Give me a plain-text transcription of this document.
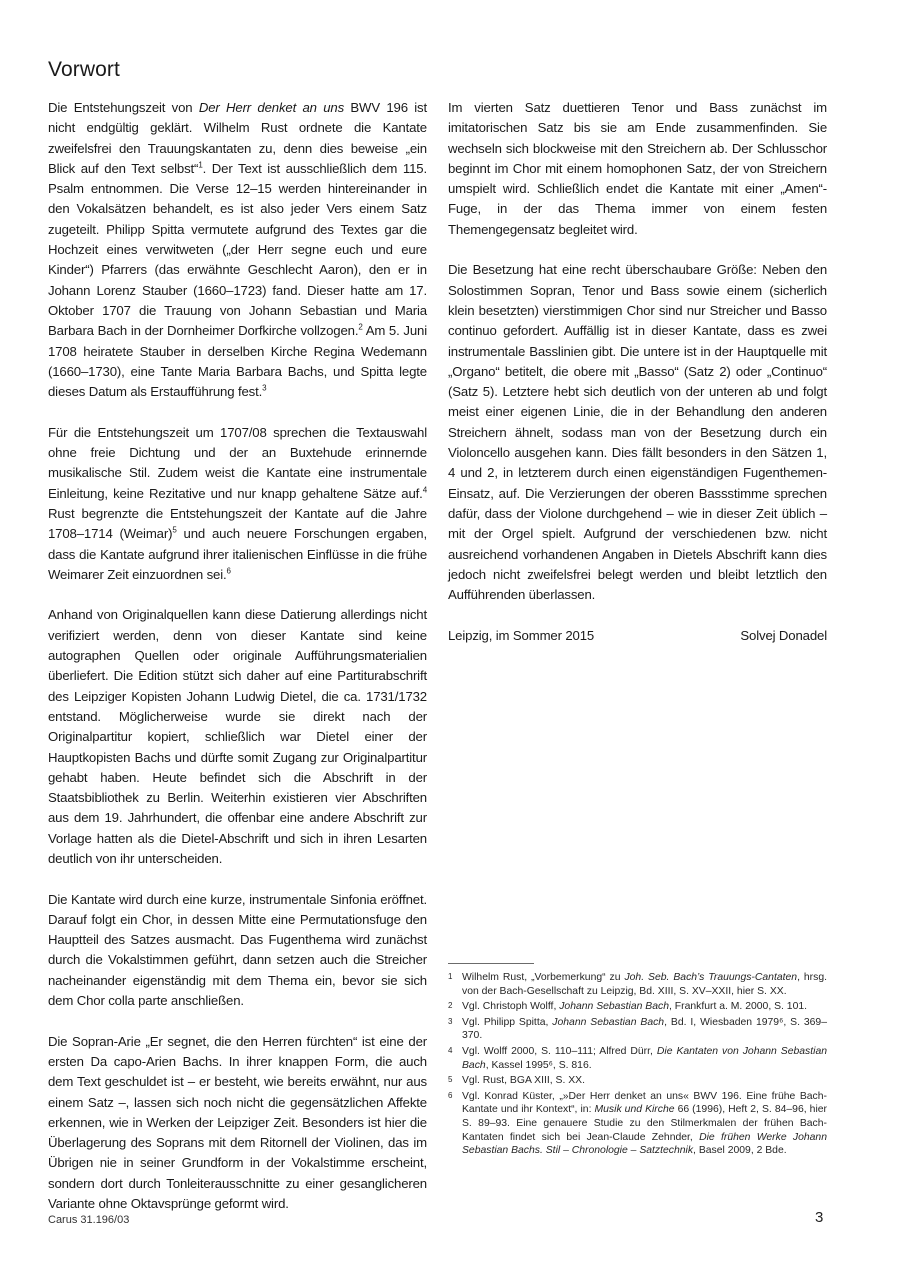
Vorwort

Die Entstehungszeit von Der Herr denket an uns BWV 196 ist nicht endgültig geklärt. Wilhelm Rust ordnete die Kantate zweifelsfrei den Trauungskantaten zu, denn dies beweise „ein Blick auf den Text selbst“$^1$. Der Text ist ausschließlich dem 115. Psalm entnommen. Die Verse 12–15 werden hintereinander in den Vokalsätzen behandelt, es ist also jeder Vers einem Satz zugeteilt. Philipp Spitta vermutete aufgrund des Textes gar die Hochzeit eines verwitweten („der Herr segne euch und eure Kinder“) Pfarrers (das erwähnte Geschlecht Aaron), den er in Johann Lorenz Stauber (1660–1723) fand. Dieser hatte am 17. Oktober 1707 die Trauung von Johann Sebastian und Maria Barbara Bach in der Dornheimer Dorfkirche vollzogen.$^2$ Am 5. Juni 1708 heiratete Stauber in derselben Kirche Regina Wedemann (1660–1730), eine Tante Maria Barbara Bachs, und Spitta legte dieses Datum als Erstaufführung fest.$^3$

Für die Entstehungszeit um 1707/08 sprechen die Textauswahl ohne freie Dichtung und der an Buxtehude erinnernde musikalische Stil. Zudem weist die Kantate eine instrumentale Einleitung, keine Rezitative und nur knapp gehaltene Sätze auf.$^4$ Rust begrenzte die Entstehungszeit der Kantate auf die Jahre 1708–1714 (Weimar)$^5$ und auch neuere Forschungen ergaben, dass die Kantate aufgrund ihrer italienischen Einflüsse in die frühe Weimarer Zeit einzuordnen sei.$^6$

Anhand von Originalquellen kann diese Datierung allerdings nicht verifiziert werden, denn von dieser Kantate sind keine autographen Quellen oder originale Aufführungsmaterialien überliefert. Die Edition stützt sich daher auf eine Partiturabschrift des Leipziger Kopisten Johann Ludwig Dietel, die ca. 1731/1732 entstand. Möglicherweise wurde sie direkt nach der Originalpartitur kopiert, schließlich war Dietel einer der Hauptkopisten Bachs und dürfte somit Zugang zur Originalpartitur gehabt haben. Heute befindet sich die Abschrift in der Staatsbibliothek zu Berlin. Weiterhin existieren vier Abschriften aus dem 19. Jahrhundert, die offenbar eine andere Abschrift zur Vorlage hatten als die Dietel-Abschrift und sich in ihren Lesarten deutlich von ihr unterscheiden.

Die Kantate wird durch eine kurze, instrumentale Sinfonia eröffnet. Darauf folgt ein Chor, in dessen Mitte eine Permutationsfuge den Hauptteil des Satzes ausmacht. Das Fugenthema wird zunächst durch die Vokalstimmen geführt, dann setzen auch die Streicher nacheinander eigenständig mit dem Thema ein, bevor sie sich dem Chor colla parte anschließen.

Die Sopran-Arie „Er segnet, die den Herren fürchten“ ist eine der ersten Da capo-Arien Bachs. In ihrer knappen Form, die auch dem Text geschuldet ist – er besteht, wie bereits erwähnt, nur aus einem Satz –, lassen sich noch nicht die gegensätzlichen Affekte erkennen, wie in Werken der Leipziger Zeit. Besonders ist hier die Überlagerung des Soprans mit dem Ritornell der Violinen, das im Übrigen nie in seiner Grundform in der Vokalstimme erscheint, sondern dort durch Tonleiterausschnitte zu einer gesanglicheren Variante ohne Oktavsprünge geformt wird.

Im vierten Satz duettieren Tenor und Bass zunächst im imitatorischen Satz bis sie am Ende zusammenfinden. Sie wechseln sich blockweise mit den Streichern ab. Der Schlusschor beginnt im Chor mit einem homophonen Satz, der von Streichern umspielt wird. Schließlich endet die Kantate mit einer „Amen“-Fuge, in der das Thema immer von einem festen Themengegensatz begleitet wird.

Die Besetzung hat eine recht überschaubare Größe: Neben den Solostimmen Sopran, Tenor und Bass sowie einem (sicherlich klein besetzten) vierstimmigen Chor sind nur Streicher und Basso continuo gefordert. Auffällig ist in dieser Kantate, dass es zwei instrumentale Basslinien gibt. Die untere ist in der Hauptquelle mit „Organo“ betitelt, die obere mit „Basso“ (Satz 2) oder „Continuo“ (Satz 5). Letztere hebt sich deutlich von der unteren ab und folgt meist einer eigenen Linie, die in der Behandlung den anderen Streichern ähnelt, sodass man von der Besetzung durch ein Violoncello ausgehen kann. Dies fällt besonders in den Sätzen 1, 4 und 2, in letzterem durch einen eigenständigen Fugenthemen-Einsatz, auf. Die Verzierungen der oberen Bassstimme sprechen dafür, dass der Violone durchgehend – wie in dieser Zeit üblich – mit der Orgel spielt. Aufgrund der verschiedenen bzw. nicht ausreichend vorhandenen Angaben in Dietels Abschrift kann dies jedoch nicht zweifelsfrei belegt werden und bleibt letztlich den Aufführenden überlassen.

Leipzig, im Sommer 2015	Solvej Donadel
1 Wilhelm Rust, „Vorbemerkung“ zu Joh. Seb. Bach’s Trauungs-Cantaten, hrsg. von der Bach-Gesellschaft zu Leipzig, Bd. XIII, S. XV–XXII, hier S. XX.
2 Vgl. Christoph Wolff, Johann Sebastian Bach, Frankfurt a. M. 2000, S. 101.
3 Vgl. Philipp Spitta, Johann Sebastian Bach, Bd. I, Wiesbaden 1979⁶, S. 369–370.
4 Vgl. Wolff 2000, S. 110–111; Alfred Dürr, Die Kantaten von Johann Sebastian Bach, Kassel 1995⁶, S. 816.
5 Vgl. Rust, BGA XIII, S. XX.
6 Vgl. Konrad Küster, „»Der Herr denket an uns« BWV 196. Eine frühe Bach-Kantate und ihr Kontext“, in: Musik und Kirche 66 (1996), Heft 2, S. 84–96, hier S. 89–93. Eine genauere Studie zu den Stilmerkmalen der frühen Bach-Kantaten findet sich bei Jean-Claude Zehnder, Die frühen Werke Johann Sebastian Bachs. Stil – Chronologie – Satztechnik, Basel 2009, 2 Bde.
Carus 31.196/03	3
